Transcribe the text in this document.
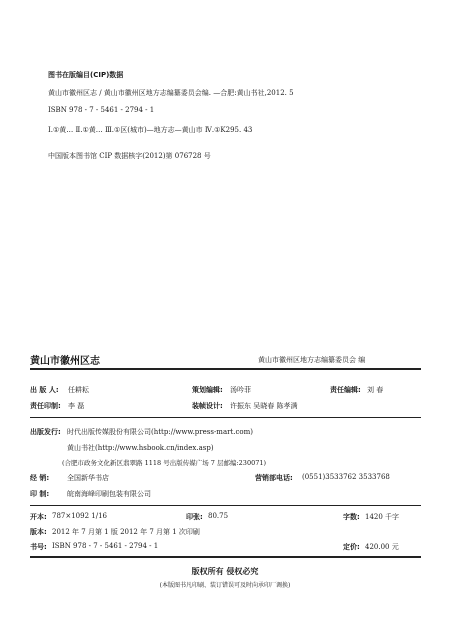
图书在版编目(CIP)数据
黄山市徽州区志 / 黄山市徽州区地方志编纂委员会编. —合肥:黄山书社,2012. 5
ISBN 978 - 7 - 5461 - 2794 - 1
Ⅰ.①黄… Ⅱ.①黄… Ⅲ.①区(城市)—地方志—黄山市 Ⅳ.①K295. 43
中国版本图书馆 CIP 数据核字(2012)第 076728 号
黄山市徽州区志	黄山市徽州区地方志编纂委员会 编
出 版 人: 任耕耘	策划编辑: 汤吟菲	责任编辑: 刘 春
责任印制: 李 磊	装帧设计: 许振东 吴晓春 陈孝满
出版发行: 时代出版传媒股份有限公司(http://www.press-mart.com)
黄山书社(http://www.hsbook.cn/index.asp)
(合肥市政务文化新区翡翠路 1118 号出版传媒广场 7 层邮编:230071)
经 销:	全国新华书店	营销部电话: (0551)3533762 3533768
印 制:	皖南海峰印刷包装有限公司
开本: 787×1092 1/16	印张: 80.75	字数: 1420 千字
版本: 2012 年 7 月第 1 版 2012 年 7 月第 1 次印刷
书号: ISBN 978 - 7 - 5461 - 2794 - 1	定价: 420.00 元
版权所有 侵权必究
(本版图书凡印刷、装订错误可及时向承印厂调换)
